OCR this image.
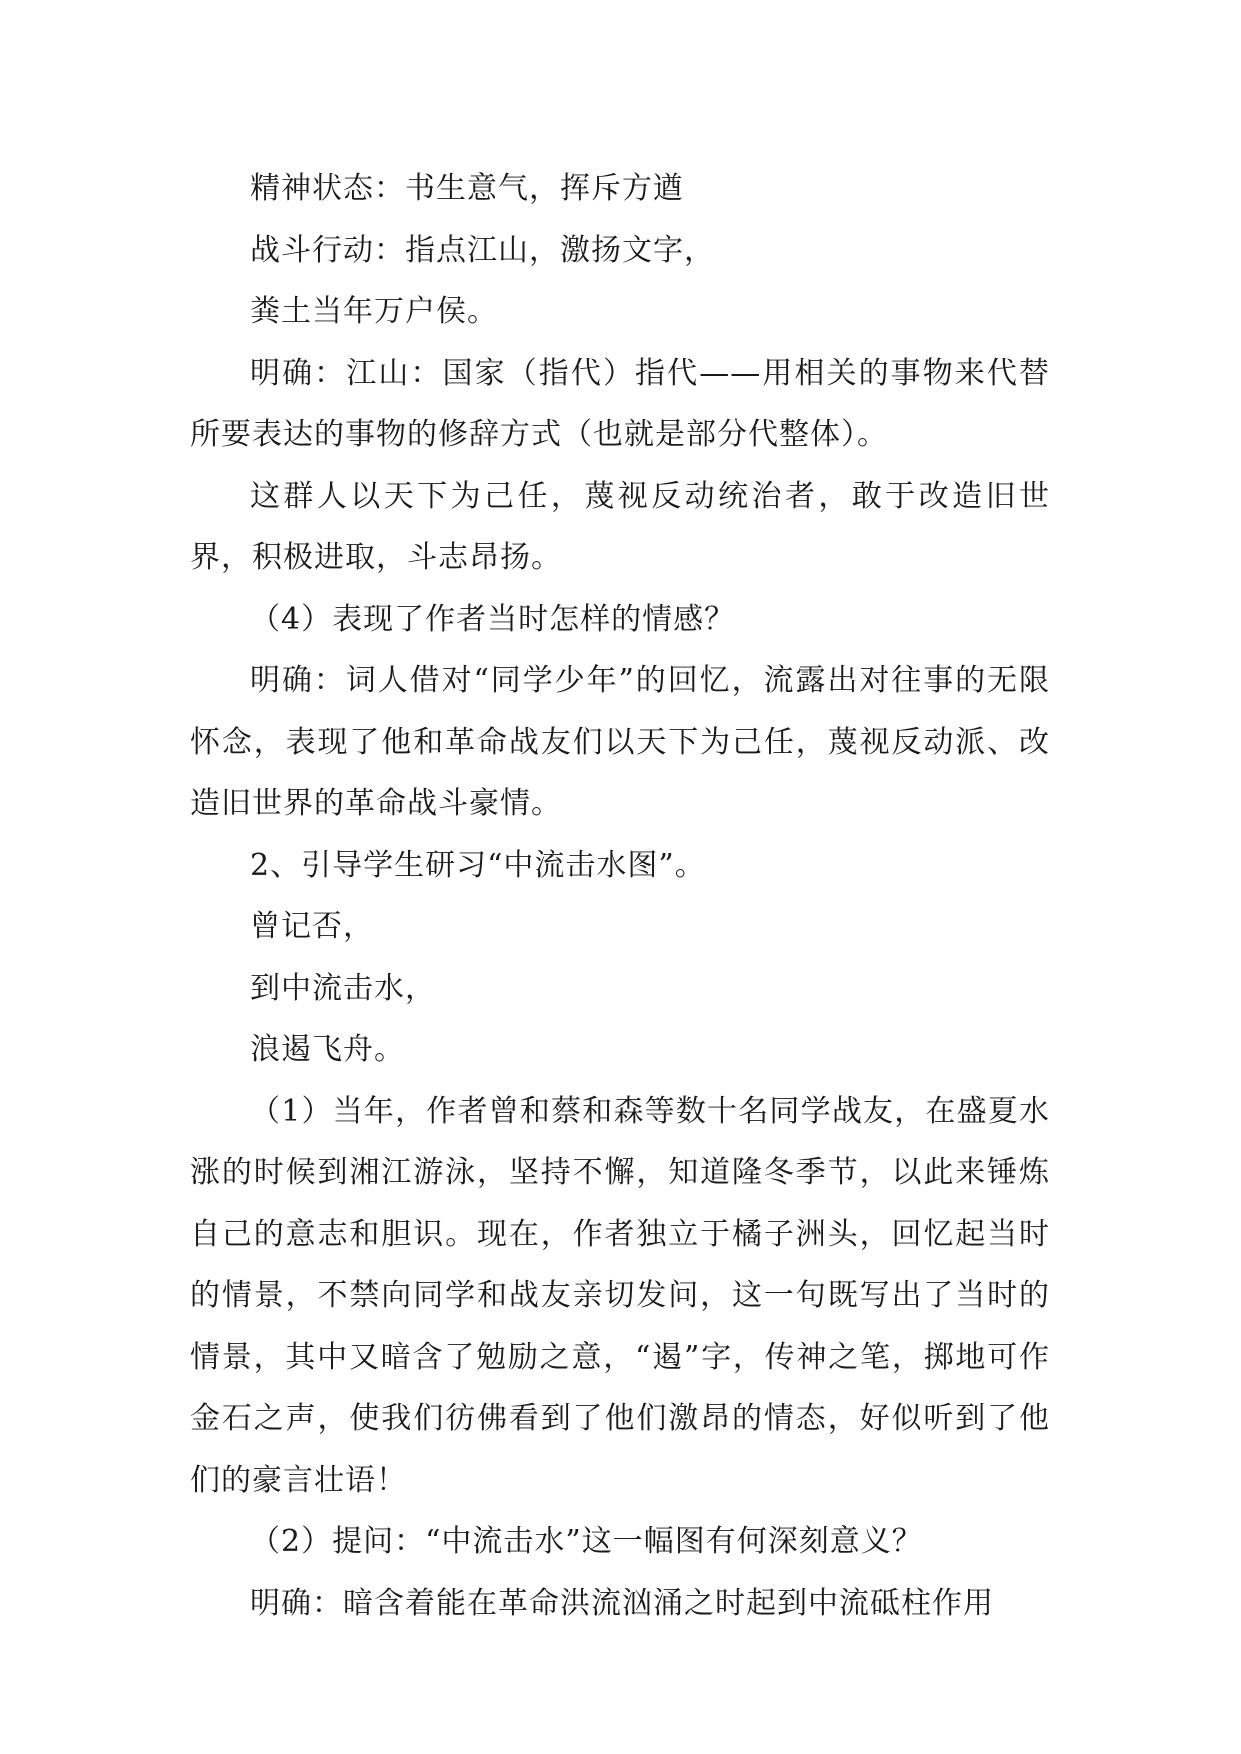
精神状态：书生意气，挥斥方遒

战斗行动：指点江山，激扬文字，

粪土当年万户侯。

明确：江山：国家（指代）指代——用相关的事物来代替所要表达的事物的修辞方式（也就是部分代整体）。

这群人以天下为己任，蔑视反动统治者，敢于改造旧世界，积极进取，斗志昂扬。

（4）表现了作者当时怎样的情感？

明确：词人借对“同学少年”的回忆，流露出对往事的无限怀念，表现了他和革命战友们以天下为己任，蔑视反动派、改造旧世界的革命战斗豪情。

2、引导学生研习“中流击水图”。

曾记否，

到中流击水，

浪遏飞舟。

（1）当年，作者曾和蔡和森等数十名同学战友，在盛夏水涨的时候到湘江游泳，坚持不懈，知道隆冬季节，以此来锤炼自己的意志和胆识。现在，作者独立于橘子洲头，回忆起当时的情景，不禁向同学和战友亲切发问，这一句既写出了当时的情景，其中又暗含了勉励之意，“遏”字，传神之笔，掷地可作金石之声，使我们彷佛看到了他们激昂的情态，好似听到了他们的豪言壮语！

（2）提问：“中流击水”这一幅图有何深刻意义？

明确：暗含着能在革命洪流汹涌之时起到中流砥柱作用
